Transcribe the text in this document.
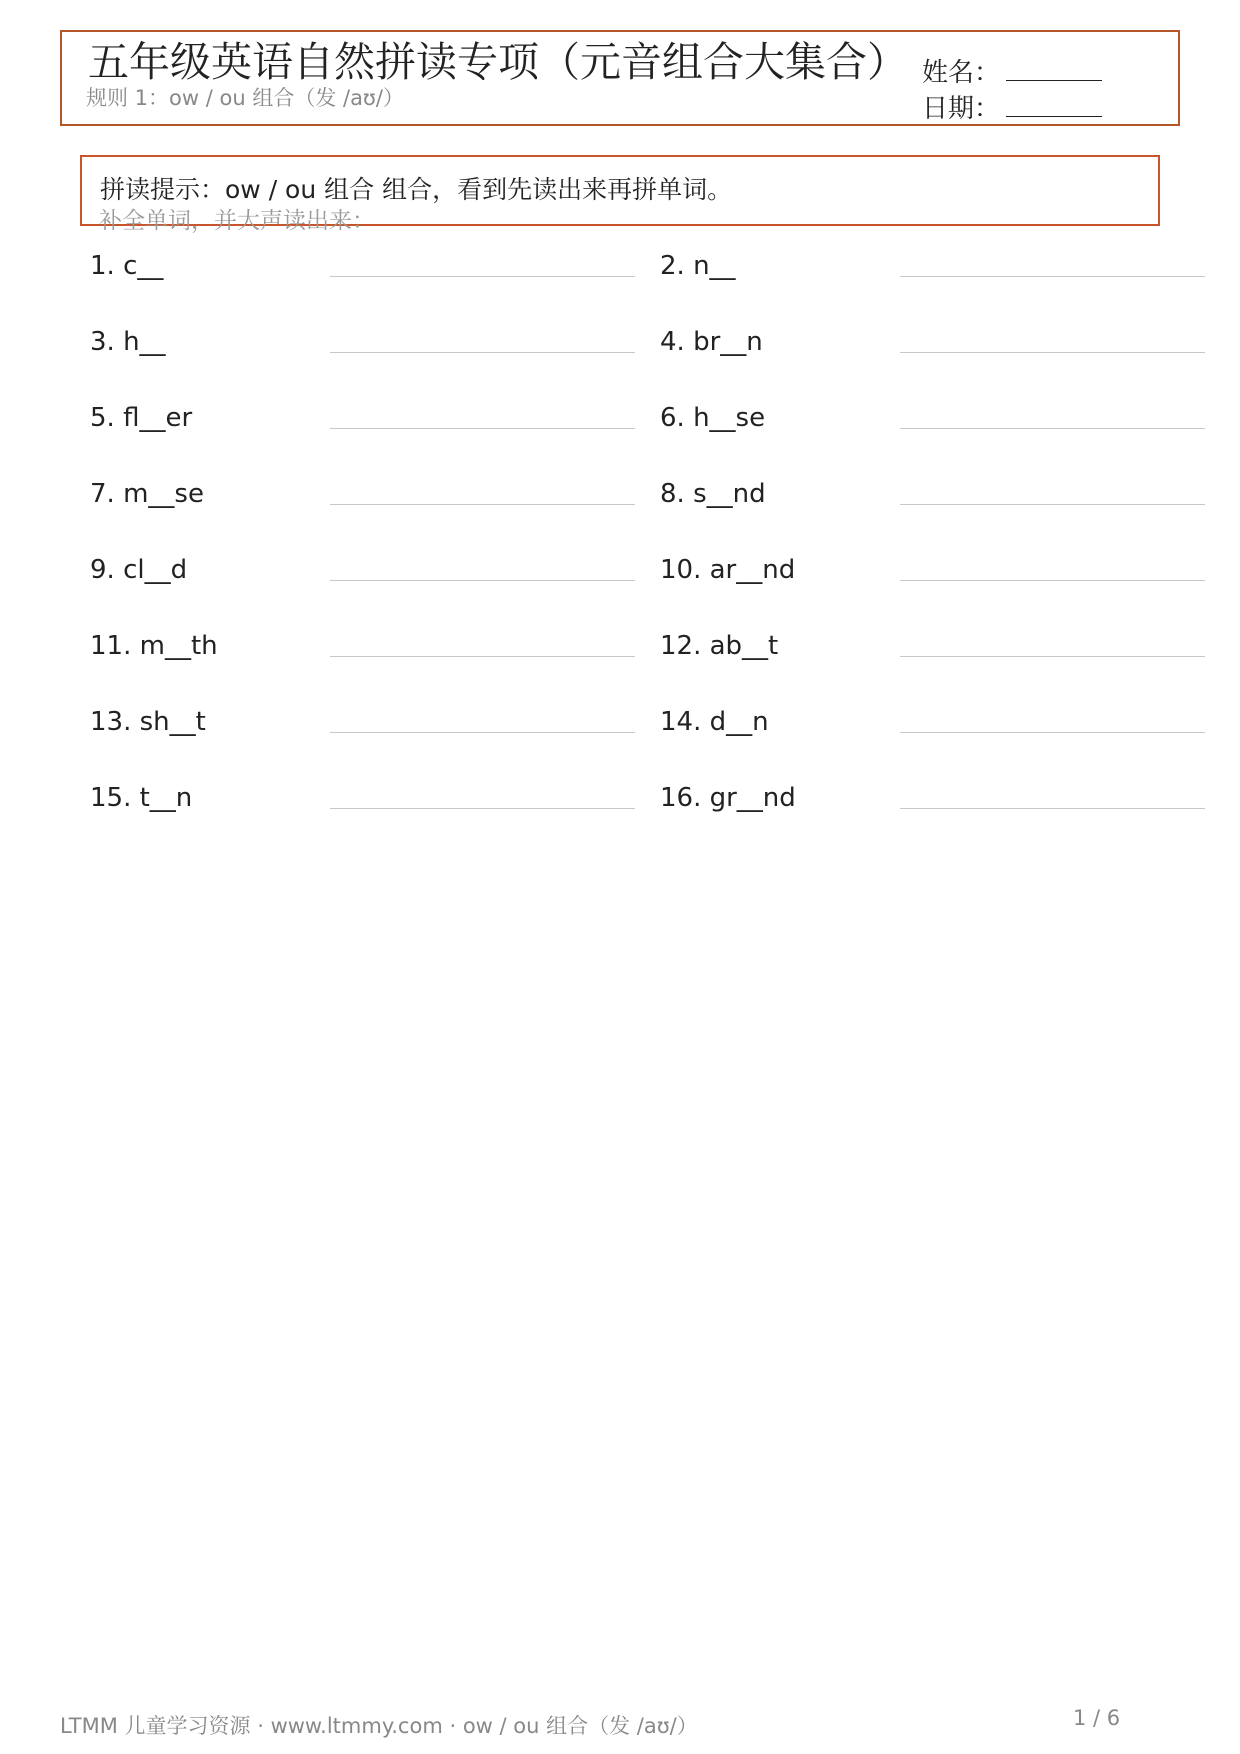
五年级英语自然拼读专项（元音组合大集合）
规则 1：ow / ou 组合（发 /aʊ/）
姓名：
日期：
拼读提示：ow / ou 组合 组合，看到先读出来再拼单词。
补全单词，并大声读出来：
1. c__	2. n__
3. h__	4. br__n
5. fl__er	6. h__se
7. m__se	8. s__nd
9. cl__d	10. ar__nd
11. m__th	12. ab__t
13. sh__t	14. d__n
15. t__n	16. gr__nd
LTMM 儿童学习资源 · www.ltmmy.com · ow / ou 组合（发 /aʊ/）	1 / 6
